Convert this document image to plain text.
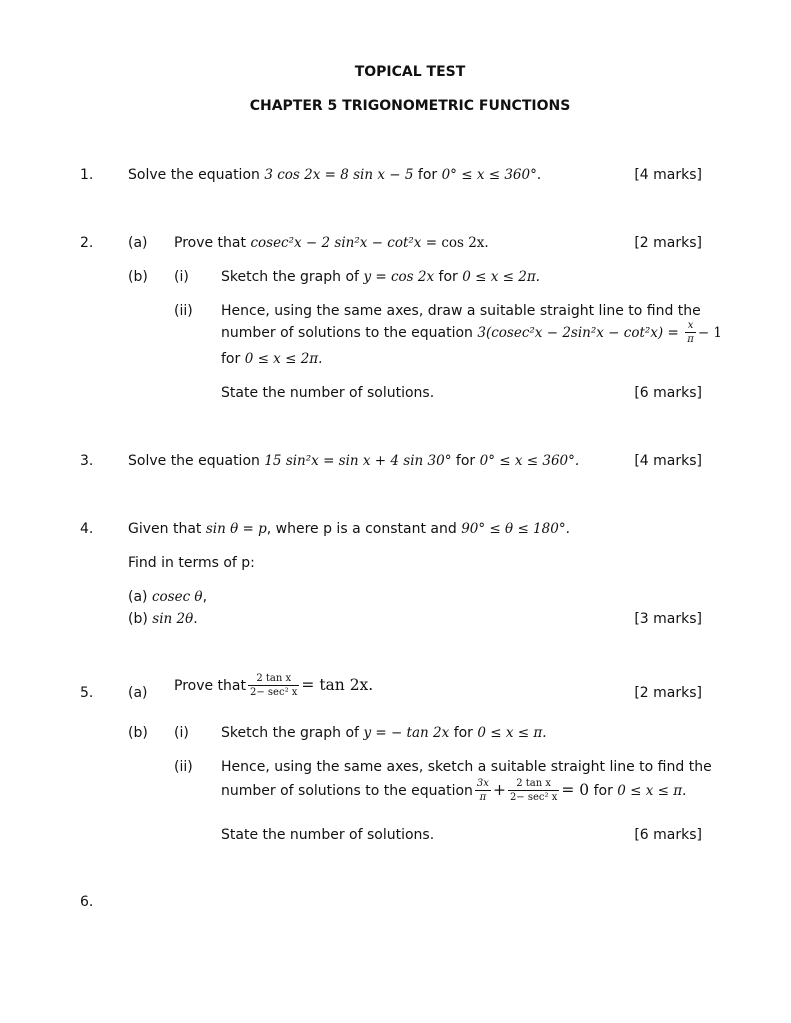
TOPICAL TEST
CHAPTER 5 TRIGONOMETRIC FUNCTIONS
1. Solve the equation 3 cos 2x = 8 sin x − 5 for 0° ≤ x ≤ 360°.	[4 marks]
2. (a) Prove that cosec²x − 2 sin²x − cot²x = cos 2x.	[2 marks]
(b) (i) Sketch the graph of y = cos 2x for 0 ≤ x ≤ 2π.
(ii) Hence, using the same axes, draw a suitable straight line to find the
number of solutions to the equation $3(cosec^2x - 2\sin^2x - \cot^2x) = \frac{x}{\pi} - 1$
for 0 ≤ x ≤ 2π.
State the number of solutions.	[6 marks]
3. Solve the equation 15 sin²x = sin x + 4 sin 30° for 0° ≤ x ≤ 360°.	[4 marks]
4. Given that sin θ = p, where p is a constant and 90° ≤ θ ≤ 180°.
Find in terms of p:
(a) cosec θ,
(b) sin 2θ.	[3 marks]
5. (a) Prove that $\frac{\text{2 tan x}}{\text{2− sec² x}} = \tan 2x$.	[2 marks]
(b) (i) Sketch the graph of y = − tan 2x for 0 ≤ x ≤ π.
(ii) Hence, using the same axes, sketch a suitable straight line to find the
number of solutions to the equation $\frac{3x}{\pi} + \frac{\text{2 tan x}}{\text{2− sec² x}} = 0$ for 0 ≤ x ≤ π.
State the number of solutions.	[6 marks]
6.
